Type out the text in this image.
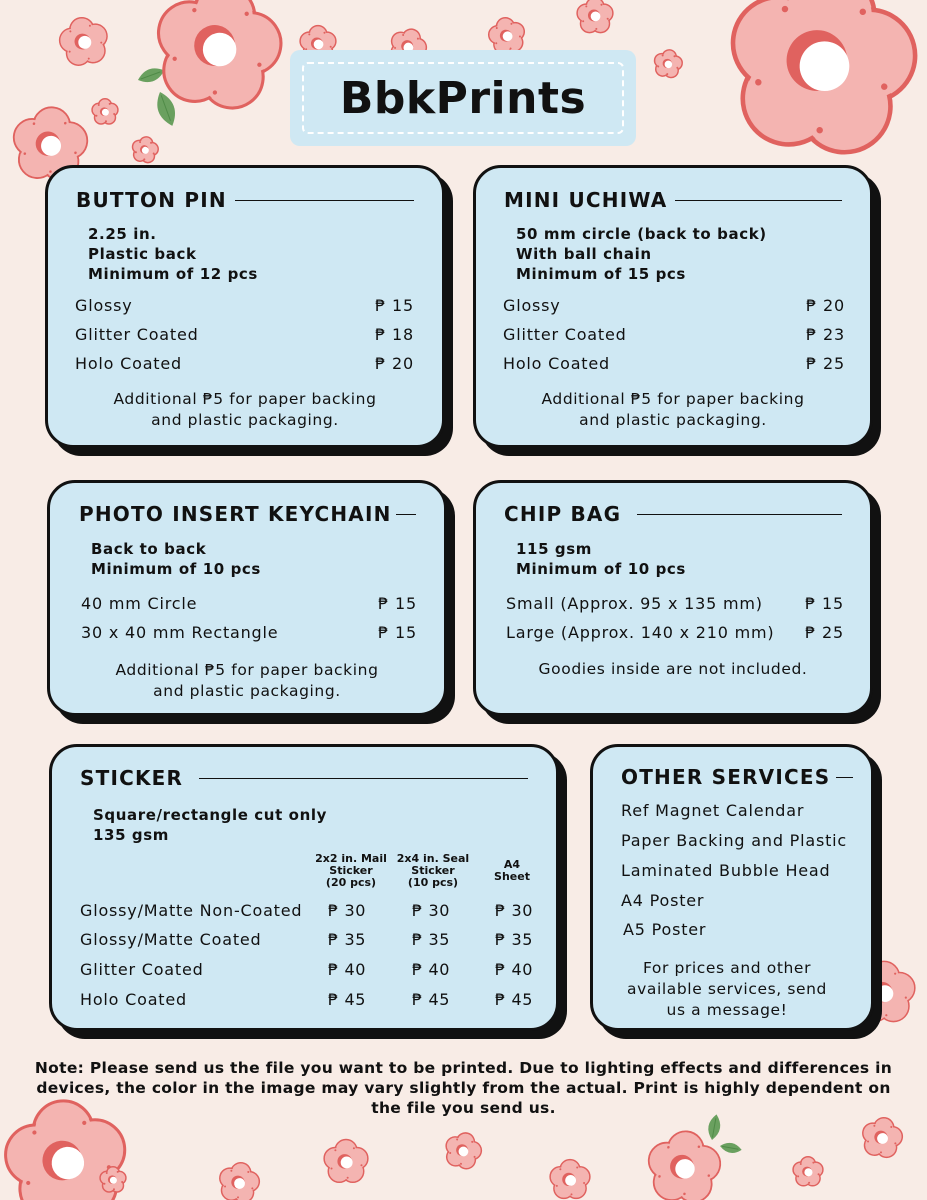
BbkPrints
BUTTON PIN
2.25 in.
Plastic back
Minimum of 12 pcs
Glossy	₱ 15
Glitter Coated	₱ 18
Holo Coated	₱ 20
Additional ₱5 for paper backing
and plastic packaging.
MINI UCHIWA
50 mm circle (back to back)
With ball chain
Minimum of 15 pcs
Glossy	₱ 20
Glitter Coated	₱ 23
Holo Coated	₱ 25
Additional ₱5 for paper backing
and plastic packaging.
PHOTO INSERT KEYCHAIN
Back to back
Minimum of 10 pcs
40 mm Circle	₱ 15
30 x 40 mm Rectangle	₱ 15
Additional ₱5 for paper backing
and plastic packaging.
CHIP BAG
115 gsm
Minimum of 10 pcs
Small (Approx. 95 x 135 mm)	₱ 15
Large (Approx. 140 x 210 mm) ₱ 25
Goodies inside are not included.
STICKER
Square/rectangle cut only
135 gsm
2x2 in. Mail
Sticker
(20 pcs)
2x4 in. Seal
Sticker
(10 pcs)
A4
Sheet
Glossy/Matte Non-Coated	₱ 30	₱ 30	₱ 30
Glossy/Matte Coated	₱ 35	₱ 35	₱ 35
Glitter Coated	₱ 40	₱ 40	₱ 40
Holo Coated	₱ 45	₱ 45	₱ 45
OTHER SERVICES
Ref Magnet Calendar
Paper Backing and Plastic
Laminated Bubble Head
A4 Poster
A5 Poster
For prices and other
available services, send
us a message!
Note: Please send us the file you want to be printed. Due to lighting effects and differences in devices, the color in the image may vary slightly from the actual. Print is highly dependent on the file you send us.
